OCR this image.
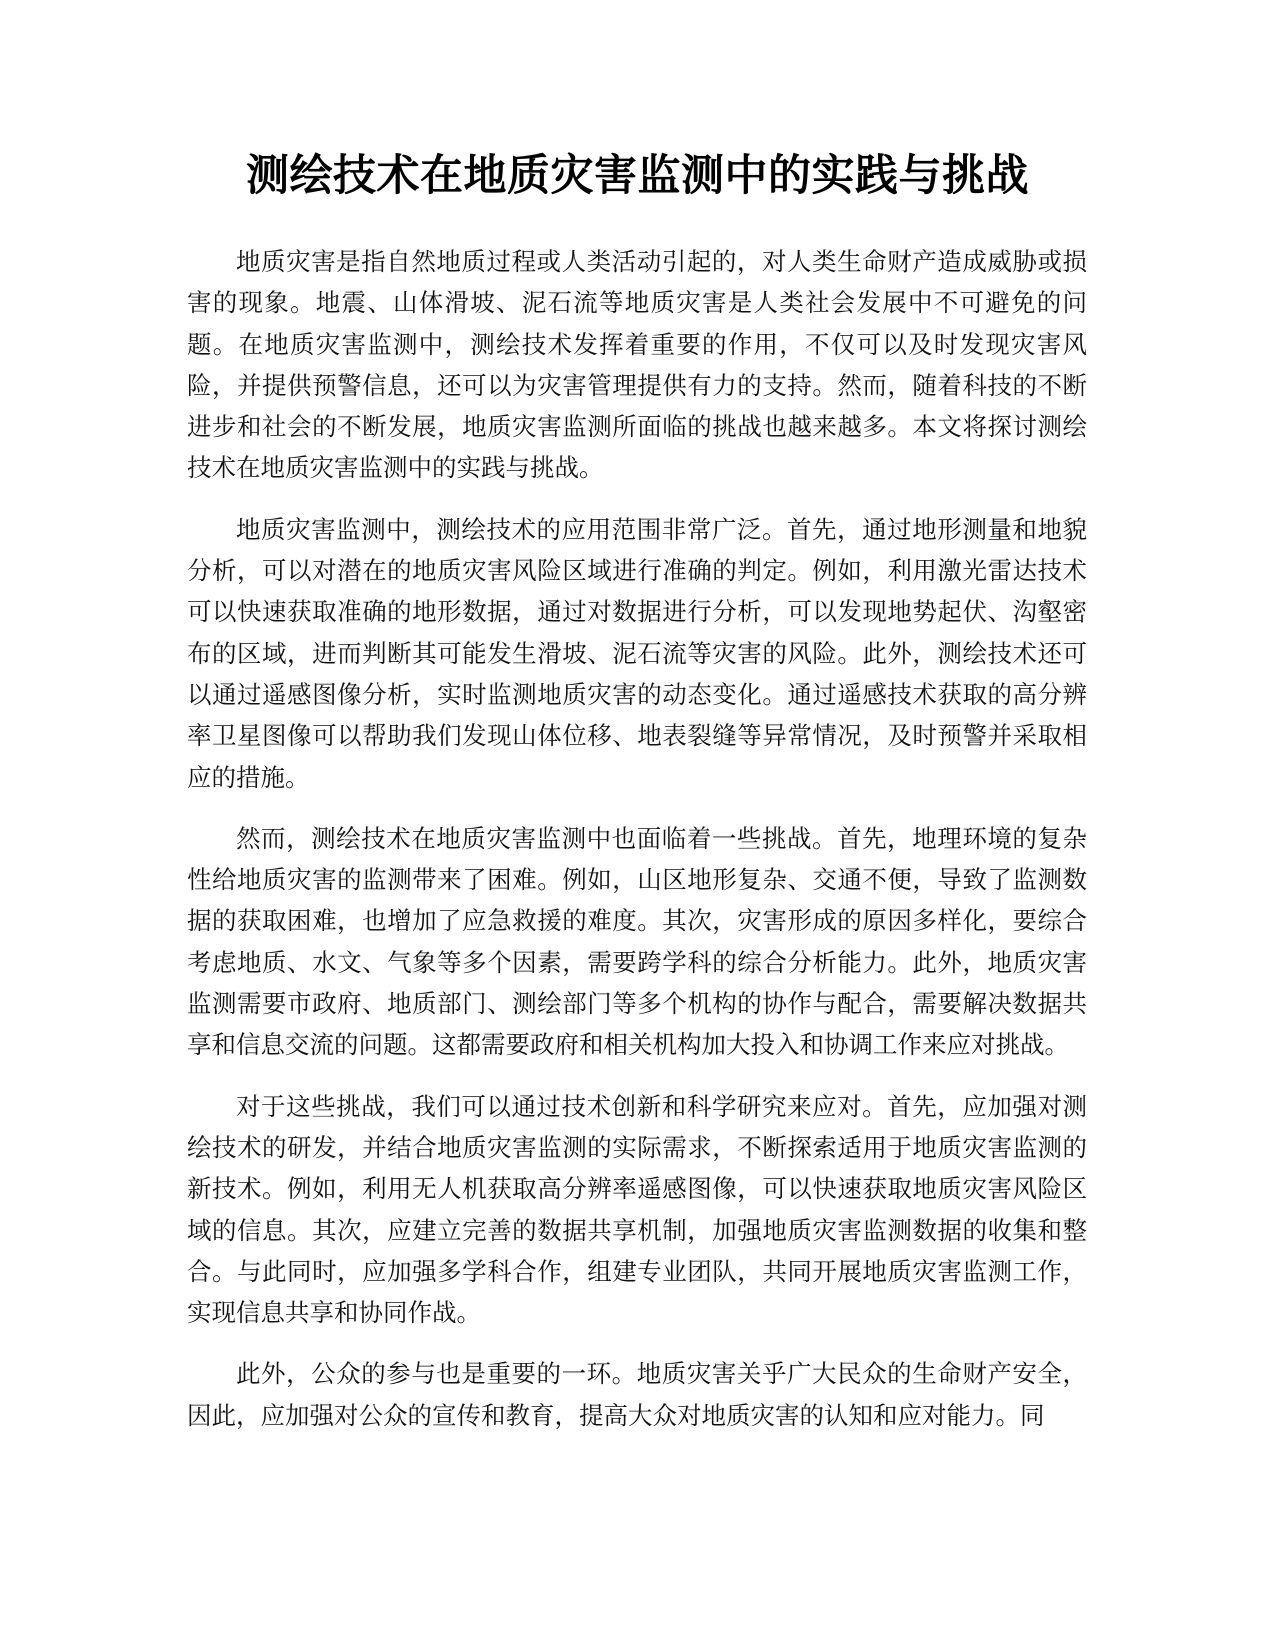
测绘技术在地质灾害监测中的实践与挑战

地质灾害是指自然地质过程或人类活动引起的，对人类生命财产造成威胁或损害的现象。地震、山体滑坡、泥石流等地质灾害是人类社会发展中不可避免的问题。在地质灾害监测中，测绘技术发挥着重要的作用，不仅可以及时发现灾害风险，并提供预警信息，还可以为灾害管理提供有力的支持。然而，随着科技的不断进步和社会的不断发展，地质灾害监测所面临的挑战也越来越多。本文将探讨测绘技术在地质灾害监测中的实践与挑战。

地质灾害监测中，测绘技术的应用范围非常广泛。首先，通过地形测量和地貌分析，可以对潜在的地质灾害风险区域进行准确的判定。例如，利用激光雷达技术可以快速获取准确的地形数据，通过对数据进行分析，可以发现地势起伏、沟壑密布的区域，进而判断其可能发生滑坡、泥石流等灾害的风险。此外，测绘技术还可以通过遥感图像分析，实时监测地质灾害的动态变化。通过遥感技术获取的高分辨率卫星图像可以帮助我们发现山体位移、地表裂缝等异常情况，及时预警并采取相应的措施。

然而，测绘技术在地质灾害监测中也面临着一些挑战。首先，地理环境的复杂性给地质灾害的监测带来了困难。例如，山区地形复杂、交通不便，导致了监测数据的获取困难，也增加了应急救援的难度。其次，灾害形成的原因多样化，要综合考虑地质、水文、气象等多个因素，需要跨学科的综合分析能力。此外，地质灾害监测需要市政府、地质部门、测绘部门等多个机构的协作与配合，需要解决数据共享和信息交流的问题。这都需要政府和相关机构加大投入和协调工作来应对挑战。

对于这些挑战，我们可以通过技术创新和科学研究来应对。首先，应加强对测绘技术的研发，并结合地质灾害监测的实际需求，不断探索适用于地质灾害监测的新技术。例如，利用无人机获取高分辨率遥感图像，可以快速获取地质灾害风险区域的信息。其次，应建立完善的数据共享机制，加强地质灾害监测数据的收集和整合。与此同时，应加强多学科合作，组建专业团队，共同开展地质灾害监测工作，实现信息共享和协同作战。

此外，公众的参与也是重要的一环。地质灾害关乎广大民众的生命财产安全，因此，应加强对公众的宣传和教育，提高大众对地质灾害的认知和应对能力。同
